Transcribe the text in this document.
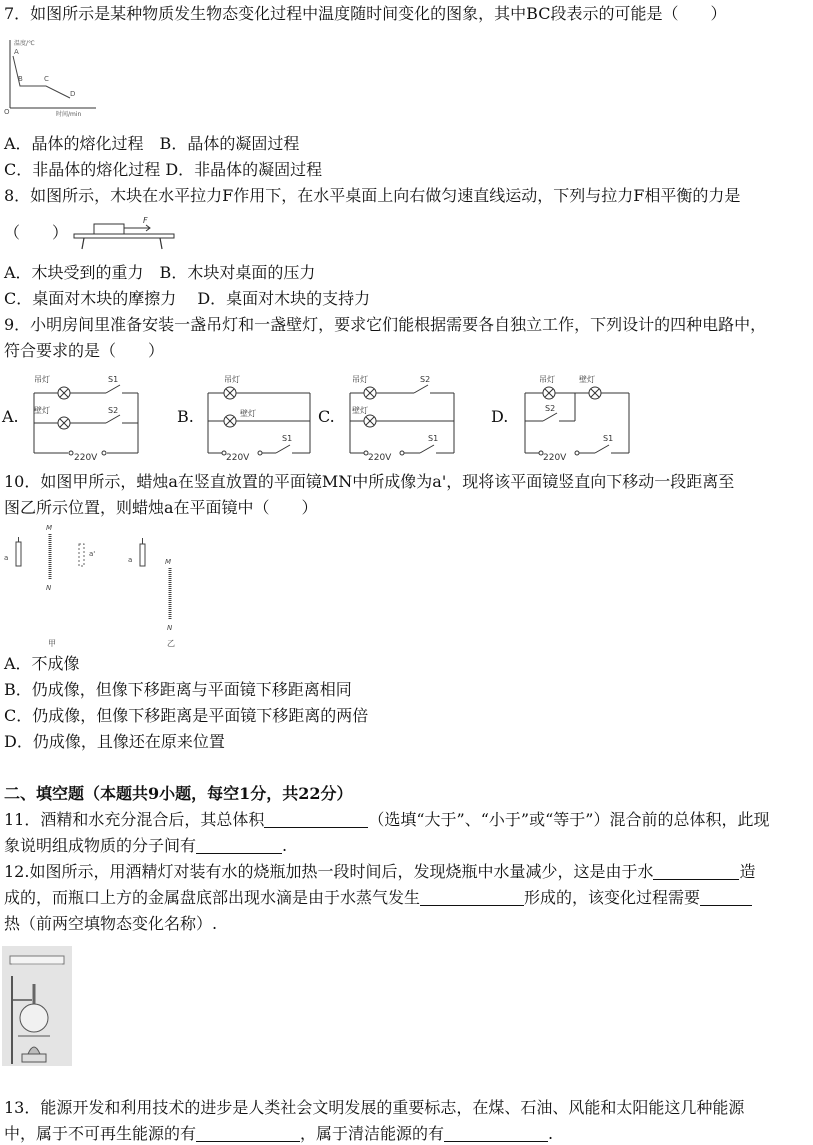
7．如图所示是某种物质发生物态变化过程中温度随时间变化的图象，其中BC段表示的可能是（　　）
温度/℃
时间/min
O
A
B	C
D
A．晶体的熔化过程　B．晶体的凝固过程
C．非晶体的熔化过程 D．非晶体的凝固过程
8．如图所示，木块在水平拉力F作用下，在水平桌面上向右做匀速直线运动，下列与拉力F相平衡的力是
（　　）
F
A．木块受到的重力　B．木块对桌面的压力
C．桌面对木块的摩擦力　 D．桌面对木块的支持力
9．小明房间里准备安装一盏吊灯和一盏壁灯，要求它们能根据需要各自独立工作，下列设计的四种电路中，
符合要求的是（　　）
A.
吊灯	S1
壁灯	S2
220V
B.
吊灯
壁灯
S1
220V
C.
吊灯	S2
壁灯
S1
220V
D.
吊灯	壁灯
S2
S1
220V
10．如图甲所示，蜡烛a在竖直放置的平面镜MN中所成像为a'，现将该平面镜竖直向下移动一段距离至
图乙所示位置，则蜡烛a在平面镜中（　　）
a
M
N
a'
甲
a	M
N
乙
A．不成像
B．仍成像，但像下移距离与平面镜下移距离相同
C．仍成像，但像下移距离是平面镜下移距离的两倍
D．仍成像，且像还在原来位置
二、填空题（本题共9小题，每空1分，共22分）
11．酒精和水充分混合后，其总体积	（选填“大于”、“小于”或“等于”）混合前的总体积，此现
象说明组成物质的分子间有	.
12.如图所示，用酒精灯对装有水的烧瓶加热一段时间后，发现烧瓶中水量减少，这是由于水	造
成的，而瓶口上方的金属盘底部出现水滴是由于水蒸气发生	形成的，该变化过程需要
热（前两空填物态变化名称）.
13．能源开发和利用技术的进步是人类社会文明发展的重要标志，在煤、石油、风能和太阳能这几种能源
中，属于不可再生能源的有	，属于清洁能源的有	.
